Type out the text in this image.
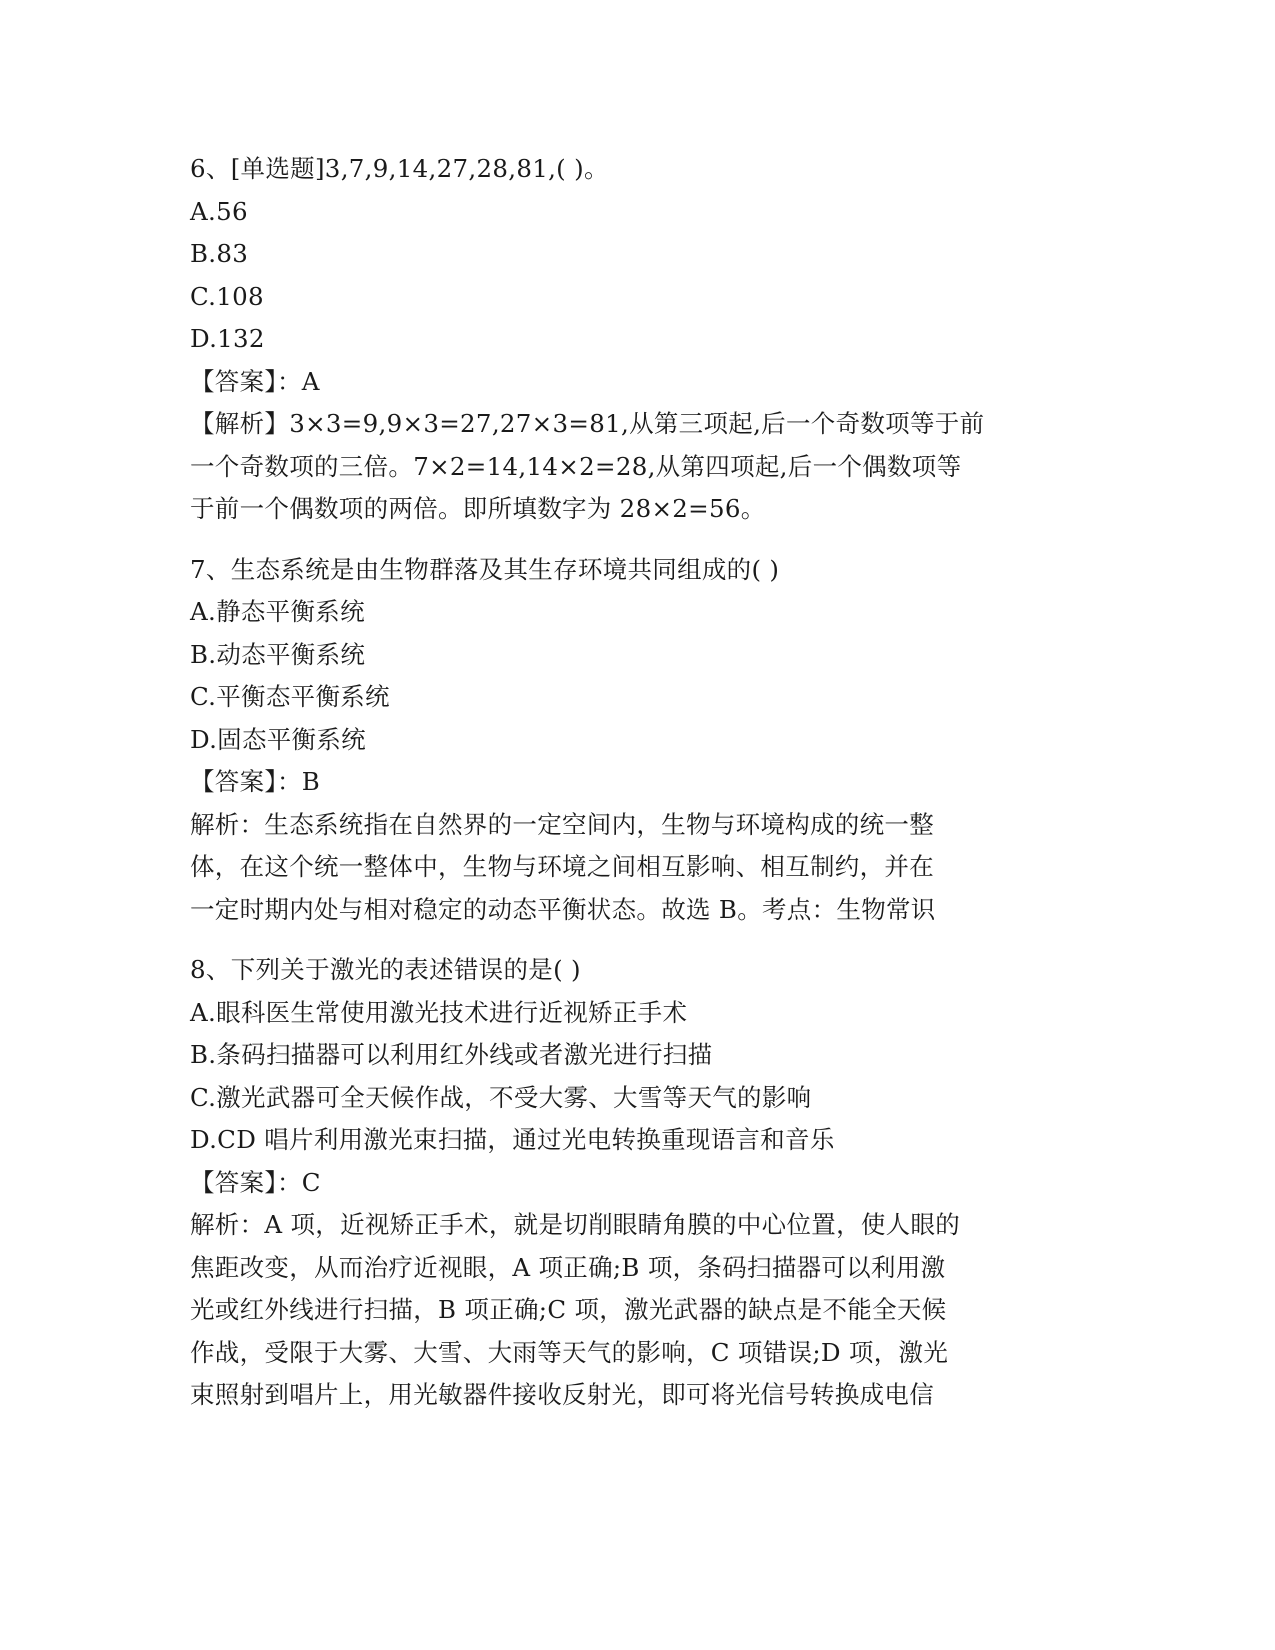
6、[单选题]3,7,9,14,27,28,81,( )。
A.56
B.83
C.108
D.132
【答案】：A
【解析】3×3=9,9×3=27,27×3=81,从第三项起,后一个奇数项等于前
一个奇数项的三倍。7×2=14,14×2=28,从第四项起,后一个偶数项等
于前一个偶数项的两倍。即所填数字为 28×2=56。
7、生态系统是由生物群落及其生存环境共同组成的( )
A.静态平衡系统
B.动态平衡系统
C.平衡态平衡系统
D.固态平衡系统
【答案】：B
解析：生态系统指在自然界的一定空间内，生物与环境构成的统一整
体，在这个统一整体中，生物与环境之间相互影响、相互制约，并在
一定时期内处与相对稳定的动态平衡状态。故选 B。考点：生物常识
8、下列关于激光的表述错误的是( )
A.眼科医生常使用激光技术进行近视矫正手术
B.条码扫描器可以利用红外线或者激光进行扫描
C.激光武器可全天候作战，不受大雾、大雪等天气的影响
D.CD 唱片利用激光束扫描，通过光电转换重现语言和音乐
【答案】：C
解析：A 项，近视矫正手术，就是切削眼睛角膜的中心位置，使人眼的
焦距改变，从而治疗近视眼，A 项正确;B 项，条码扫描器可以利用激
光或红外线进行扫描，B 项正确;C 项，激光武器的缺点是不能全天候
作战，受限于大雾、大雪、大雨等天气的影响，C 项错误;D 项，激光
束照射到唱片上，用光敏器件接收反射光，即可将光信号转换成电信
